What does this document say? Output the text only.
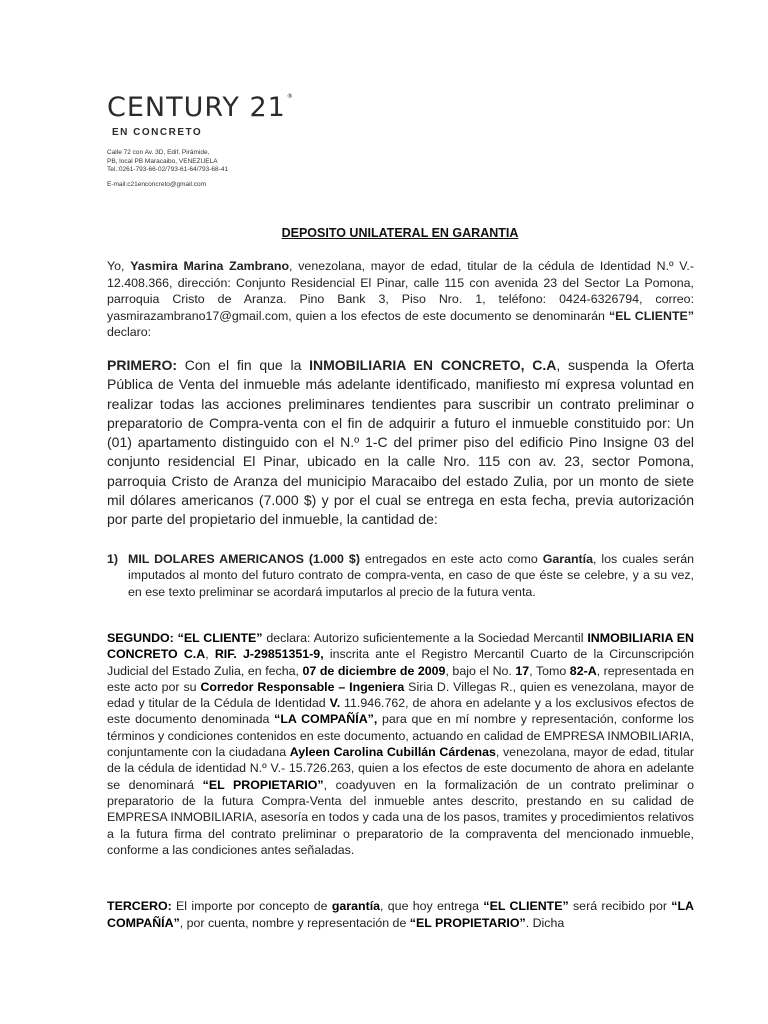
CENTURY 21®
EN CONCRETO
Calle 72 con Av. 3D, Edif. Pirámide,
PB, local PB Maracaibo, VENEZUELA
Tel.:0261-793-66-02/793-61-64/793-68-41
E-mail:c21enconcreto@gmail.com
DEPOSITO UNILATERAL EN GARANTIA
Yo, Yasmira Marina Zambrano, venezolana, mayor de edad, titular de la cédula de Identidad N.º V.- 12.408.366, dirección: Conjunto Residencial El Pinar, calle 115 con avenida 23 del Sector La Pomona, parroquia Cristo de Aranza. Pino Bank 3, Piso Nro. 1, teléfono: 0424-6326794, correo: yasmirazambrano17@gmail.com, quien a los efectos de este documento se denominarán “EL CLIENTE” declaro:
PRIMERO: Con el fin que la INMOBILIARIA EN CONCRETO, C.A, suspenda la Oferta Pública de Venta del inmueble más adelante identificado, manifiesto mí expresa voluntad en realizar todas las acciones preliminares tendientes para suscribir un contrato preliminar o preparatorio de Compra-venta con el fin de adquirir a futuro el inmueble constituido por: Un (01) apartamento distinguido con el N.º 1-C del primer piso del edificio Pino Insigne 03 del conjunto residencial El Pinar, ubicado en la calle Nro. 115 con av. 23, sector Pomona, parroquia Cristo de Aranza del municipio Maracaibo del estado Zulia, por un monto de siete mil dólares americanos (7.000 $) y por el cual se entrega en esta fecha, previa autorización por parte del propietario del inmueble, la cantidad de:
1) MIL DOLARES AMERICANOS (1.000 $) entregados en este acto como Garantía, los cuales serán imputados al monto del futuro contrato de compra-venta, en caso de que éste se celebre, y a su vez, en ese texto preliminar se acordará imputarlos al precio de la futura venta.
SEGUNDO: “EL CLIENTE” declara: Autorizo suficientemente a la Sociedad Mercantil INMOBILIARIA EN CONCRETO C.A, RIF. J-29851351-9, inscrita ante el Registro Mercantil Cuarto de la Circunscripción Judicial del Estado Zulia, en fecha, 07 de diciembre de 2009, bajo el No. 17, Tomo 82-A, representada en este acto por su Corredor Responsable – Ingeniera Siria D. Villegas R., quien es venezolana, mayor de edad y titular de la Cédula de Identidad V. 11.946.762, de ahora en adelante y a los exclusivos efectos de este documento denominada “LA COMPAÑÍA”, para que en mí nombre y representación, conforme los términos y condiciones contenidos en este documento, actuando en calidad de EMPRESA INMOBILIARIA, conjuntamente con la ciudadana Ayleen Carolina Cubillán Cárdenas, venezolana, mayor de edad, titular de la cédula de identidad N.º V.- 15.726.263, quien a los efectos de este documento de ahora en adelante se denominará “EL PROPIETARIO”, coadyuven en la formalización de un contrato preliminar o preparatorio de la futura Compra-Venta del inmueble antes descrito, prestando en su calidad de EMPRESA INMOBILIARIA, asesoría en todos y cada una de los pasos, tramites y procedimientos relativos a la futura firma del contrato preliminar o preparatorio de la compraventa del mencionado inmueble, conforme a las condiciones antes señaladas.
TERCERO: El importe por concepto de garantía, que hoy entrega “EL CLIENTE” será recibido por “LA COMPAÑÍA”, por cuenta, nombre y representación de “EL PROPIETARIO”. Dicha
